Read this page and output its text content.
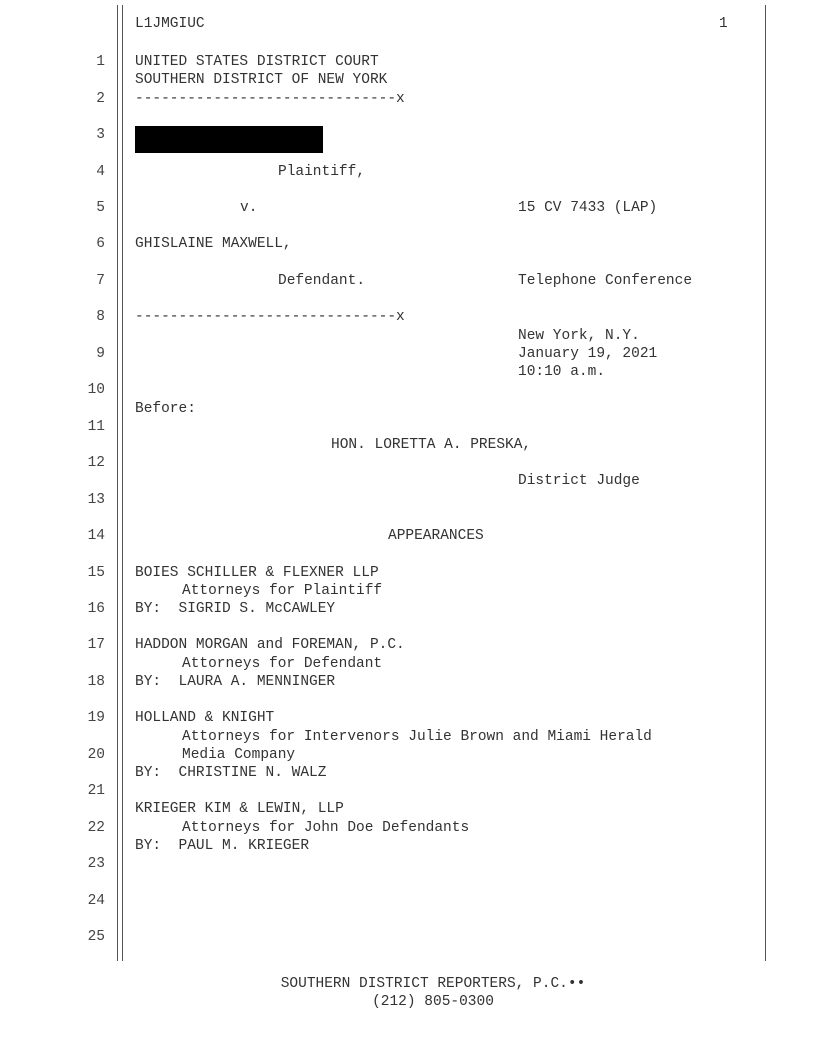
L1JMGIUC	1
1
2
3
4
5
6
7
8
9
10
11
12
13
14
15
16
17
18
19
20
21
22
23
24
25
UNITED STATES DISTRICT COURT
SOUTHERN DISTRICT OF NEW YORK
------------------------------x
Plaintiff,
v.	15 CV 7433 (LAP)
GHISLAINE MAXWELL,
Defendant.	Telephone Conference
------------------------------x
New York, N.Y.
January 19, 2021
10:10 a.m.
Before:
HON. LORETTA A. PRESKA,
District Judge
APPEARANCES
BOIES SCHILLER & FLEXNER LLP
Attorneys for Plaintiff
BY:  SIGRID S. McCAWLEY
HADDON MORGAN and FOREMAN, P.C.
Attorneys for Defendant
BY:  LAURA A. MENNINGER
HOLLAND & KNIGHT
Attorneys for Intervenors Julie Brown and Miami Herald
Media Company
BY:  CHRISTINE N. WALZ
KRIEGER KIM & LEWIN, LLP
Attorneys for John Doe Defendants
BY:  PAUL M. KRIEGER
SOUTHERN DISTRICT REPORTERS, P.C.••
(212) 805-0300
